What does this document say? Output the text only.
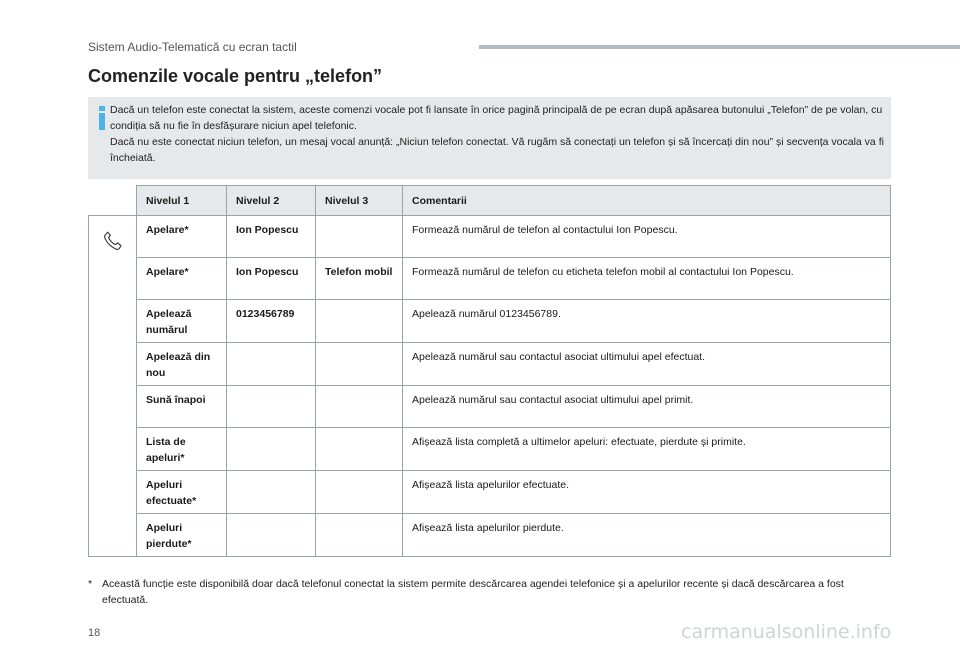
Sistem Audio-Telematică cu ecran tactil
Comenzile vocale pentru „telefon”

Dacă un telefon este conectat la sistem, aceste comenzi vocale pot fi lansate în orice pagină principală de pe ecran după apăsarea butonului „Telefon” de pe volan, cu condiția să nu fie în desfășurare niciun apel telefonic.

Dacă nu este conectat niciun telefon, un mesaj vocal anunță: „Niciun telefon conectat. Vă rugăm să conectați un telefon și să încercați din nou” și secvența vocala va fi încheiată.

	Nivelul 1	Nivelul 2	Nivelul 3	Comentarii
	Apelare*	Ion Popescu		Formează numărul de telefon al contactului Ion Popescu.
	Apelare*	Ion Popescu	Telefon mobil	Formează numărul de telefon cu eticheta telefon mobil al contactului Ion Popescu.
	Apelează numărul	0123456789		Apelează numărul 0123456789.
	Apelează din nou			Apelează numărul sau contactul asociat ultimului apel efectuat.
	Sună înapoi			Apelează numărul sau contactul asociat ultimului apel primit.
	Lista de apeluri*			Afișează lista completă a ultimelor apeluri: efectuate, pierdute și primite.
	Apeluri efectuate*			Afișează lista apelurilor efectuate.
	Apeluri pierdute*			Afișează lista apelurilor pierdute.
* Această funcție este disponibilă doar dacă telefonul conectat la sistem permite descărcarea agendei telefonice și a apelurilor recente și dacă descărcarea a fost efectuată.
18	carmanualsonline.info
